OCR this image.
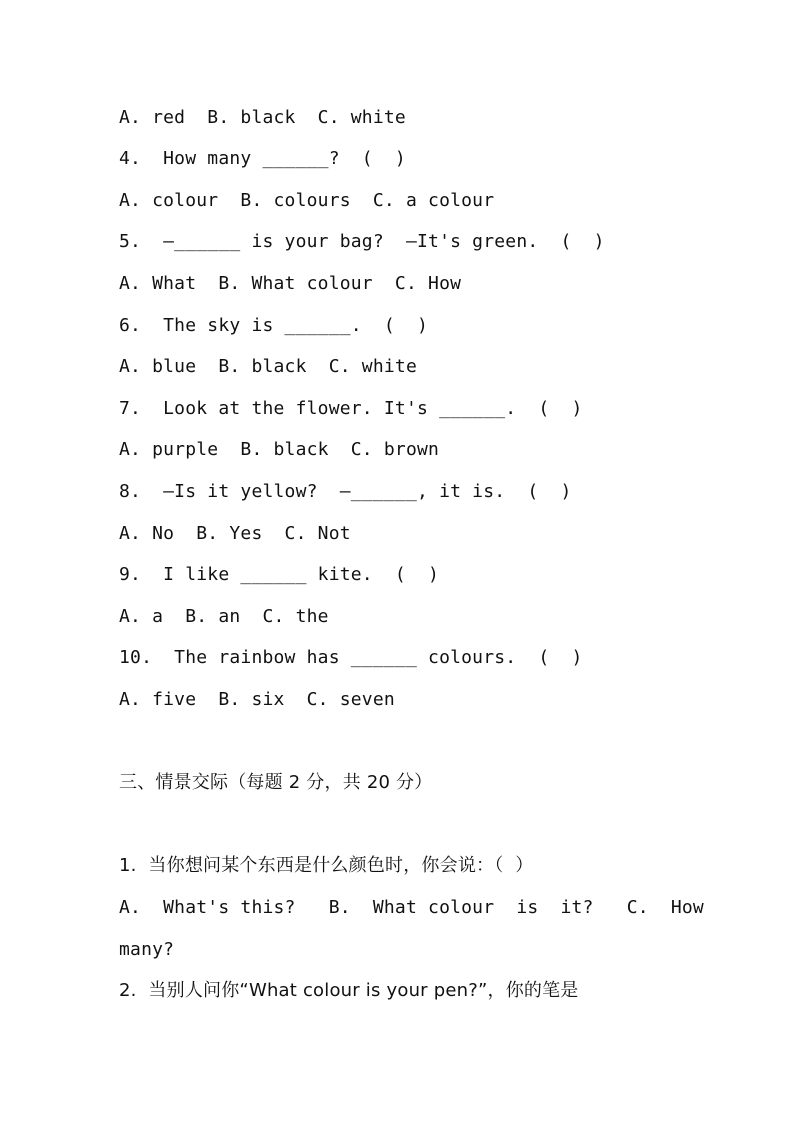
A. red  B. black  C. white
4.  How many ______?  (  )
A. colour  B. colours  C. a colour
5.  —______ is your bag?  —It's green.  (  )
A. What  B. What colour  C. How
6.  The sky is ______.  (  )
A. blue  B. black  C. white
7.  Look at the flower. It's ______.  (  )
A. purple  B. black  C. brown
8.  —Is it yellow?  —______, it is.  (  )
A. No  B. Yes  C. Not
9.  I like ______ kite.  (  )
A. a  B. an  C. the
10.  The rainbow has ______ colours.  (  )
A. five  B. six  C. seven
三、情景交际（每题 2 分，共 20 分）
1.  当你想问某个东西是什么颜色时，你会说：（  ）
A.  What's this?   B.  What colour  is  it?   C.  How
many?
2.  当别人问你“What colour is your pen?”，你的笔是
